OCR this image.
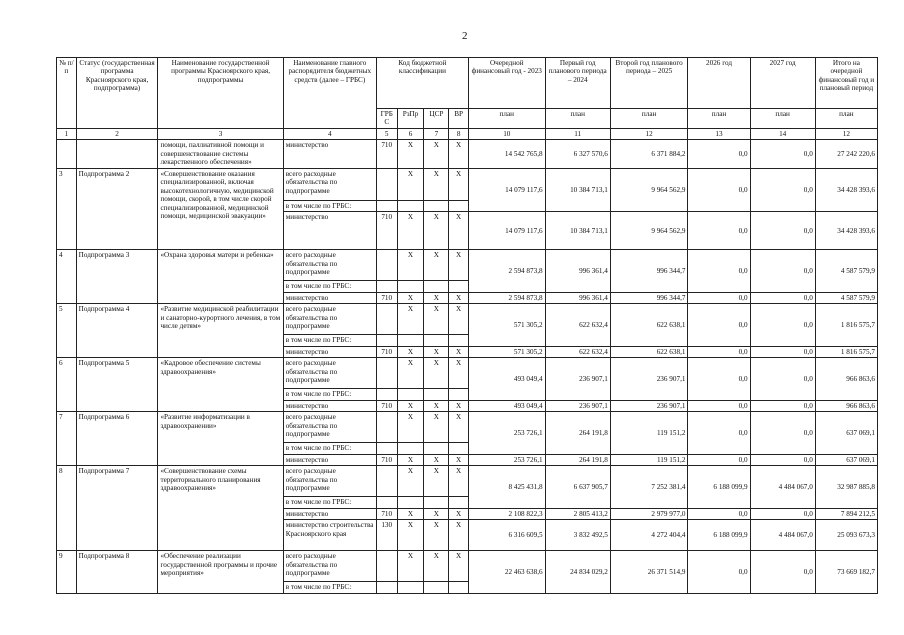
2
№ п/п	Статус (государственная программа Красноярского края, подпрограмма)	Наименование государственной программы Красноярского края, подпрограммы	Наименование главного распорядителя бюджетных средств (далее – ГРБС)	Код бюджетной классификации				Очередной финансовый год - 2023	Первый год планового периода – 2024	Второй год планового периода – 2025	2026 год	2027 год	Итого на очередной финансовый год и плановый период
				ГРБ С	РзПр	ЦСР	ВР	план	план	план	план	план	план
1	2	3	4	5	6	7	8	10	11	12	13	14	12
		помощи, паллиативной помощи и совершенствование системы лекарственного обеспечения»	министерство	710	Х	Х	Х	14 542 765,8	6 327 570,6	6 371 884,2	0,0	0,0	27 242 220,6
3	Подпрограмма 2	«Совершенствование оказания специализированной, включая высокотехнологичную, медицинской помощи, скорой, в том числе скорой специализированной, медицинской помощи, медицинской эвакуации»	всего расходные обязательства по подпрограмме		Х	Х	Х	14 079 117,6	10 384 713,1	9 964 562,9	0,0	0,0	34 428 393,6
			в том числе по ГРБС:										
			министерство	710	Х	Х	Х	14 079 117,6	10 384 713,1	9 964 562,9	0,0	0,0	34 428 393,6
4	Подпрограмма 3	«Охрана здоровья матери и ребенка»	всего расходные обязательства по подпрограмме		Х	Х	Х	2 594 873,8	996 361,4	996 344,7	0,0	0,0	4 587 579,9
			в том числе по ГРБС:										
			министерство	710	Х	Х	Х	2 594 873,8	996 361,4	996 344,7	0,0	0,0	4 587 579,9
5	Подпрограмма 4	«Развитие медицинской реабилитации и санаторно-курортного лечения, в том числе детям»	всего расходные обязательства по подпрограмме		Х	Х	Х	571 305,2	622 632,4	622 638,1	0,0	0,0	1 816 575,7
			в том числе по ГРБС:										
			министерство	710	Х	Х	Х	571 305,2	622 632,4	622 638,1	0,0	0,0	1 816 575,7
6	Подпрограмма 5	«Кадровое обеспечение системы здравоохранения»	всего расходные обязательства по подпрограмме		Х	Х	Х	493 049,4	236 907,1	236 907,1	0,0	0,0	966 863,6
			в том числе по ГРБС:										
			министерство	710	Х	Х	Х	493 049,4	236 907,1	236 907,1	0,0	0,0	966 863,6
7	Подпрограмма 6	«Развитие информатизации в здравоохранении»	всего расходные обязательства по подпрограмме		Х	Х	Х	253 726,1	264 191,8	119 151,2	0,0	0,0	637 069,1
			в том числе по ГРБС:										
			министерство	710	Х	Х	Х	253 726,1	264 191,8	119 151,2	0,0	0,0	637 069,1
8	Подпрограмма 7	«Совершенствование схемы территориального планирования здравоохранения»	всего расходные обязательства по подпрограмме		Х	Х	Х	8 425 431,8	6 637 905,7	7 252 381,4	6 188 099,9	4 484 067,0	32 987 885,8
			в том числе по ГРБС:										
			министерство	710	Х	Х	Х	2 108 822,3	2 805 413,2	2 979 977,0	0,0	0,0	7 894 212,5
			министерство строительства Красноярского края	130	Х	Х	Х	6 316 609,5	3 832 492,5	4 272 404,4	6 188 099,9	4 484 067,0	25 093 673,3
9	Подпрограмма 8	«Обеспечение реализации государственной программы и прочие мероприятия»	всего расходные обязательства по подпрограмме		Х	Х	Х	22 463 638,6	24 834 029,2	26 371 514,9	0,0	0,0	73 669 182,7
			в том числе по ГРБС:										
